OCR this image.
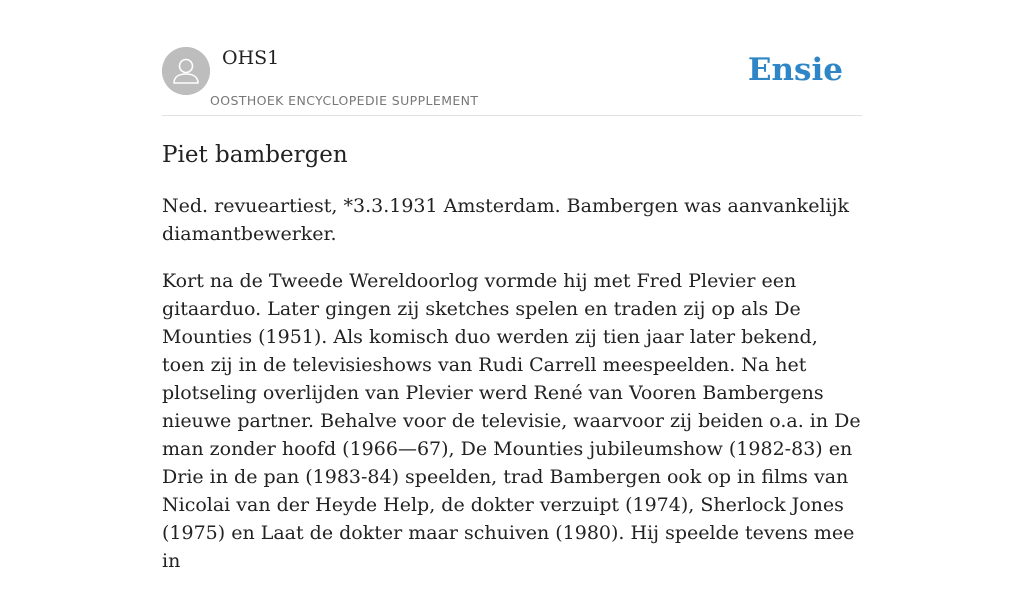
OHS1
OOSTHOEK ENCYCLOPEDIE SUPPLEMENT
Ensie
Piet bambergen

Ned. revueartiest, *3.3.1931 Amsterdam. Bambergen was aanvankelijk diamantbewerker.

Kort na de Tweede Wereldoorlog vormde hij met Fred Plevier een gitaarduo. Later gingen zij sketches spelen en traden zij op als De Mounties (1951). Als komisch duo werden zij tien jaar later bekend, toen zij in de televisieshows van Rudi Carrell meespeelden. Na het plotseling overlijden van Plevier werd René van Vooren Bambergens nieuwe partner. Behalve voor de televisie, waarvoor zij beiden o.a. in De man zonder hoofd (1966—67), De Mounties jubileumshow (1982-83) en Drie in de pan (1983-84) speelden, trad Bambergen ook op in films van Nicolai van der Heyde Help, de dokter verzuipt (1974), Sherlock Jones (1975) en Laat de dokter maar schuiven (1980). Hij speelde tevens mee in
